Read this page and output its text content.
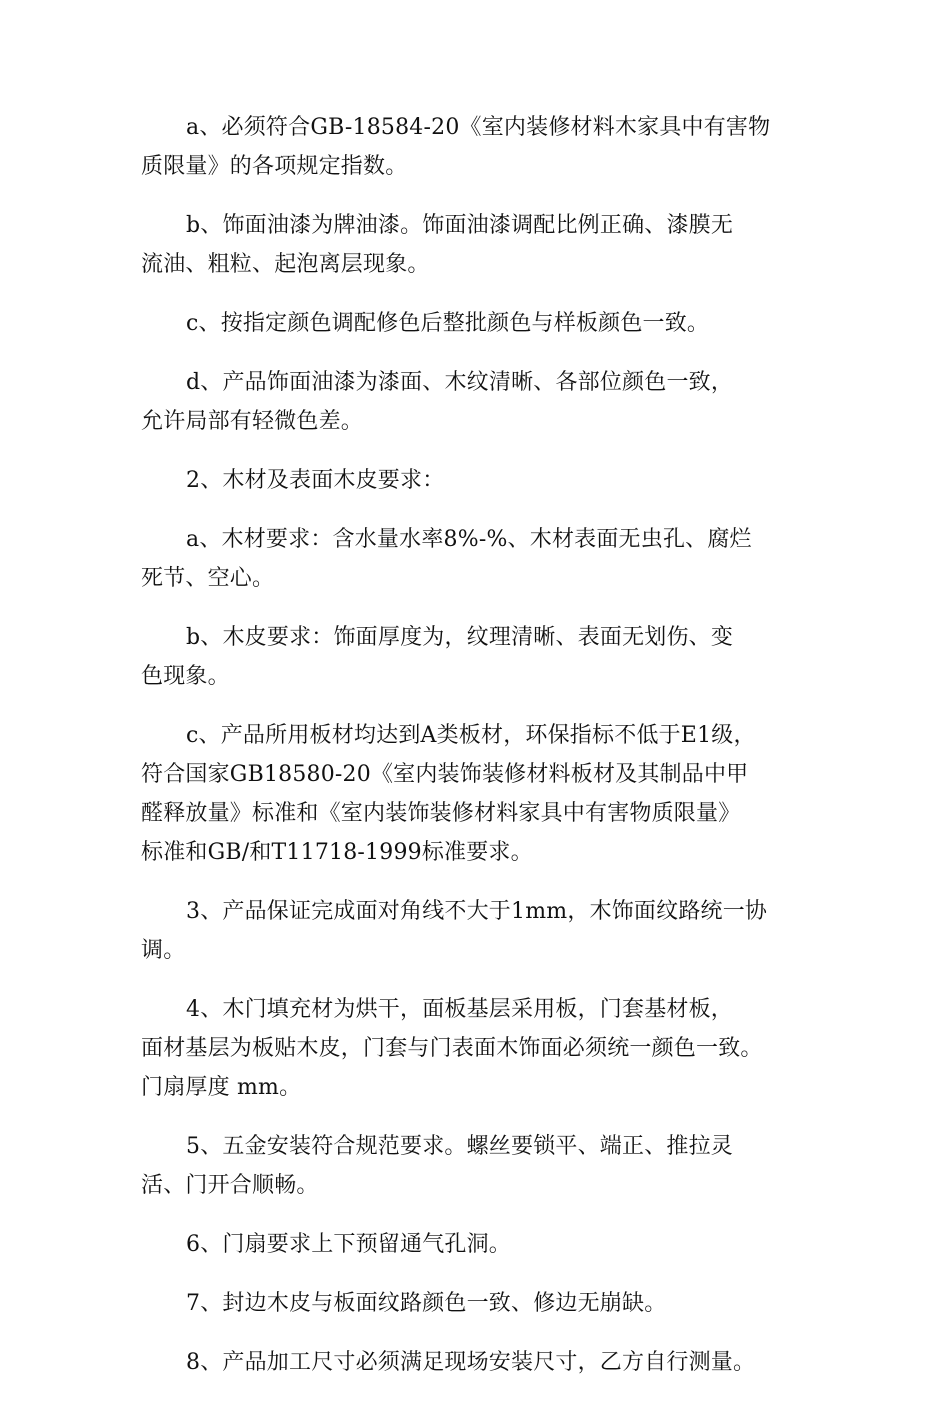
a、必须符合GB-18584-20《室内装修材料木家具中有害物
质限量》的各项规定指数。

b、饰面油漆为牌油漆。饰面油漆调配比例正确、漆膜无
流油、粗粒、起泡离层现象。

c、按指定颜色调配修色后整批颜色与样板颜色一致。

d、产品饰面油漆为漆面、木纹清晰、各部位颜色一致，
允许局部有轻微色差。

2、木材及表面木皮要求：

a、木材要求：含水量水率8%-%、木材表面无虫孔、腐烂
死节、空心。

b、木皮要求：饰面厚度为，纹理清晰、表面无划伤、变
色现象。

c、产品所用板材均达到A类板材，环保指标不低于E1级，
符合国家GB18580-20《室内装饰装修材料板材及其制品中甲
醛释放量》标准和《室内装饰装修材料家具中有害物质限量》
标准和GB/和T11718-1999标准要求。

3、产品保证完成面对角线不大于1mm，木饰面纹路统一协
调。

4、木门填充材为烘干，面板基层采用板，门套基材板，
面材基层为板贴木皮，门套与门表面木饰面必须统一颜色一致。
门扇厚度 mm。

5、五金安装符合规范要求。螺丝要锁平、端正、推拉灵
活、门开合顺畅。

6、门扇要求上下预留通气孔洞。

7、封边木皮与板面纹路颜色一致、修边无崩缺。

8、产品加工尺寸必须满足现场安装尺寸，乙方自行测量。
